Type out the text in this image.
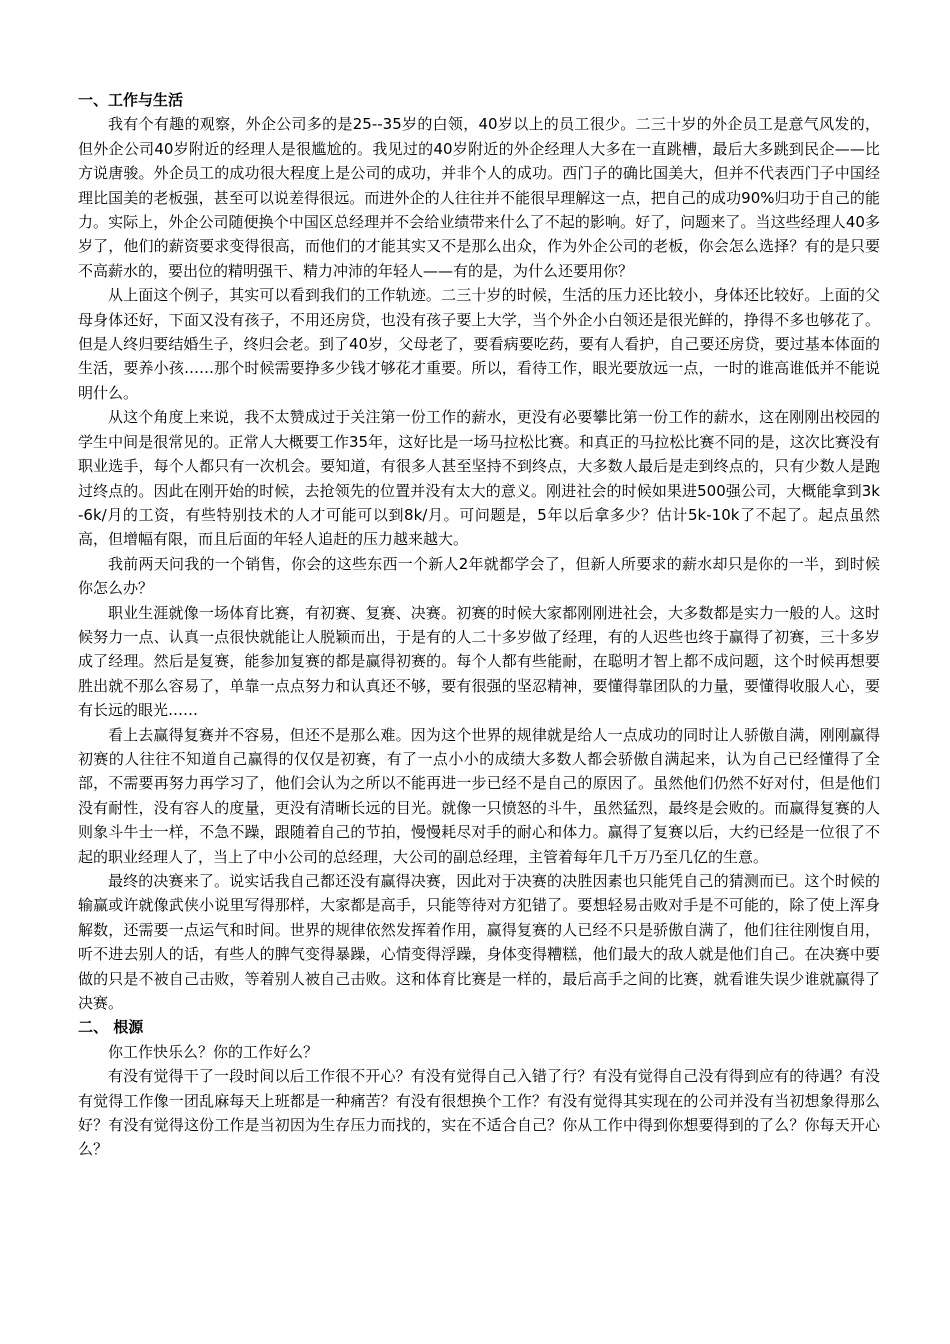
一、工作与生活

我有个有趣的观察，外企公司多的是25--35岁的白领，40岁以上的员工很少。二三十岁的外企员工是意气风发的，但外企公司40岁附近的经理人是很尴尬的。我见过的40岁附近的外企经理人大多在一直跳槽，最后大多跳到民企——比方说唐骏。外企员工的成功很大程度上是公司的成功，并非个人的成功。西门子的确比国美大，但并不代表西门子中国经理比国美的老板强，甚至可以说差得很远。而进外企的人往往并不能很早理解这一点，把自己的成功90%归功于自己的能力。实际上，外企公司随便换个中国区总经理并不会给业绩带来什么了不起的影响。好了，问题来了。当这些经理人40多岁了，他们的薪资要求变得很高，而他们的才能其实又不是那么出众，作为外企公司的老板，你会怎么选择？有的是只要不高薪水的，要出位的精明强干、精力冲沛的年轻人——有的是，为什么还要用你？

从上面这个例子，其实可以看到我们的工作轨迹。二三十岁的时候，生活的压力还比较小，身体还比较好。上面的父母身体还好，下面又没有孩子，不用还房贷，也没有孩子要上大学，当个外企小白领还是很光鲜的，挣得不多也够花了。但是人终归要结婚生子，终归会老。到了40岁，父母老了，要看病要吃药，要有人看护，自己要还房贷，要过基本体面的生活，要养小孩……那个时候需要挣多少钱才够花才重要。所以，看待工作，眼光要放远一点，一时的谁高谁低并不能说明什么。

从这个角度上来说，我不太赞成过于关注第一份工作的薪水，更没有必要攀比第一份工作的薪水，这在刚刚出校园的学生中间是很常见的。正常人大概要工作35年，这好比是一场马拉松比赛。和真正的马拉松比赛不同的是，这次比赛没有职业选手，每个人都只有一次机会。要知道，有很多人甚至坚持不到终点，大多数人最后是走到终点的，只有少数人是跑过终点的。因此在刚开始的时候，去抢领先的位置并没有太大的意义。刚进社会的时候如果进500强公司，大概能拿到3k-6k/月的工资，有些特别技术的人才可能可以到8k/月。可问题是，5年以后拿多少？估计5k-10k了不起了。起点虽然高，但增幅有限，而且后面的年轻人追赶的压力越来越大。

我前两天问我的一个销售，你会的这些东西一个新人2年就都学会了，但新人所要求的薪水却只是你的一半，到时候你怎么办？

职业生涯就像一场体育比赛，有初赛、复赛、决赛。初赛的时候大家都刚刚进社会，大多数都是实力一般的人。这时候努力一点、认真一点很快就能让人脱颖而出，于是有的人二十多岁做了经理，有的人迟些也终于赢得了初赛，三十多岁成了经理。然后是复赛，能参加复赛的都是赢得初赛的。每个人都有些能耐，在聪明才智上都不成问题，这个时候再想要胜出就不那么容易了，单靠一点点努力和认真还不够，要有很强的坚忍精神，要懂得靠团队的力量，要懂得收服人心，要有长远的眼光……

看上去赢得复赛并不容易，但还不是那么难。因为这个世界的规律就是给人一点成功的同时让人骄傲自满，刚刚赢得初赛的人往往不知道自己赢得的仅仅是初赛，有了一点小小的成绩大多数人都会骄傲自满起来，认为自己已经懂得了全部，不需要再努力再学习了，他们会认为之所以不能再进一步已经不是自己的原因了。虽然他们仍然不好对付，但是他们没有耐性，没有容人的度量，更没有清晰长远的目光。就像一只愤怒的斗牛，虽然猛烈，最终是会败的。而赢得复赛的人则象斗牛士一样，不急不躁，跟随着自己的节拍，慢慢耗尽对手的耐心和体力。赢得了复赛以后，大约已经是一位很了不起的职业经理人了，当上了中小公司的总经理，大公司的副总经理，主管着每年几千万乃至几亿的生意。

最终的决赛来了。说实话我自己都还没有赢得决赛，因此对于决赛的决胜因素也只能凭自己的猜测而已。这个时候的输赢或许就像武侠小说里写得那样，大家都是高手，只能等待对方犯错了。要想轻易击败对手是不可能的，除了使上浑身解数，还需要一点运气和时间。世界的规律依然发挥着作用，赢得复赛的人已经不只是骄傲自满了，他们往往刚愎自用，听不进去别人的话，有些人的脾气变得暴躁，心情变得浮躁，身体变得糟糕，他们最大的敌人就是他们自己。在决赛中要做的只是不被自己击败，等着别人被自己击败。这和体育比赛是一样的，最后高手之间的比赛，就看谁失误少谁就赢得了决赛。

二、 根源

你工作快乐么？你的工作好么？

有没有觉得干了一段时间以后工作很不开心？有没有觉得自己入错了行？有没有觉得自己没有得到应有的待遇？有没有觉得工作像一团乱麻每天上班都是一种痛苦？有没有很想换个工作？有没有觉得其实现在的公司并没有当初想象得那么好？有没有觉得这份工作是当初因为生存压力而找的，实在不适合自己？你从工作中得到你想要得到的了么？你每天开心么？
